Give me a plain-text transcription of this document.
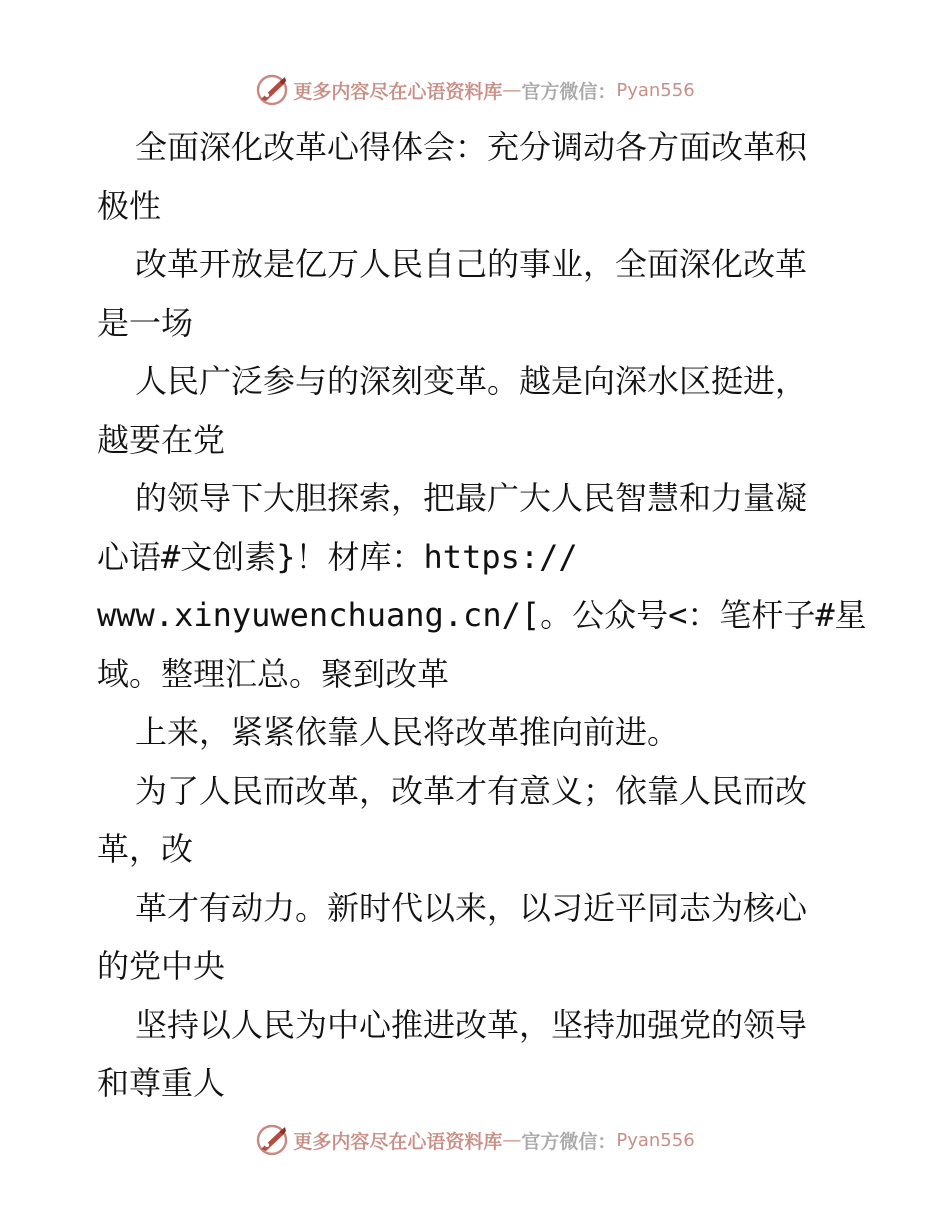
更多内容尽在心语资料库 — 官方微信： Pyan556
全面深化改革心得体会：充分调动各方面改革积
极性
改革开放是亿万人民自己的事业，全面深化改革
是一场
人民广泛参与的深刻变革。越是向深水区挺进，
越要在党
的领导下大胆探索，把最广大人民智慧和力量凝
心语#文创素}！材库：https://
www.xinyuwenchuang.cn/[。公众号<：笔杆子#星
域。整理汇总。聚到改革
上来，紧紧依靠人民将改革推向前进。
为了人民而改革，改革才有意义；依靠人民而改
革，改
革才有动力。新时代以来，以习近平同志为核心
的党中央
坚持以人民为中心推进改革，坚持加强党的领导
和尊重人
更多内容尽在心语资料库 — 官方微信： Pyan556
